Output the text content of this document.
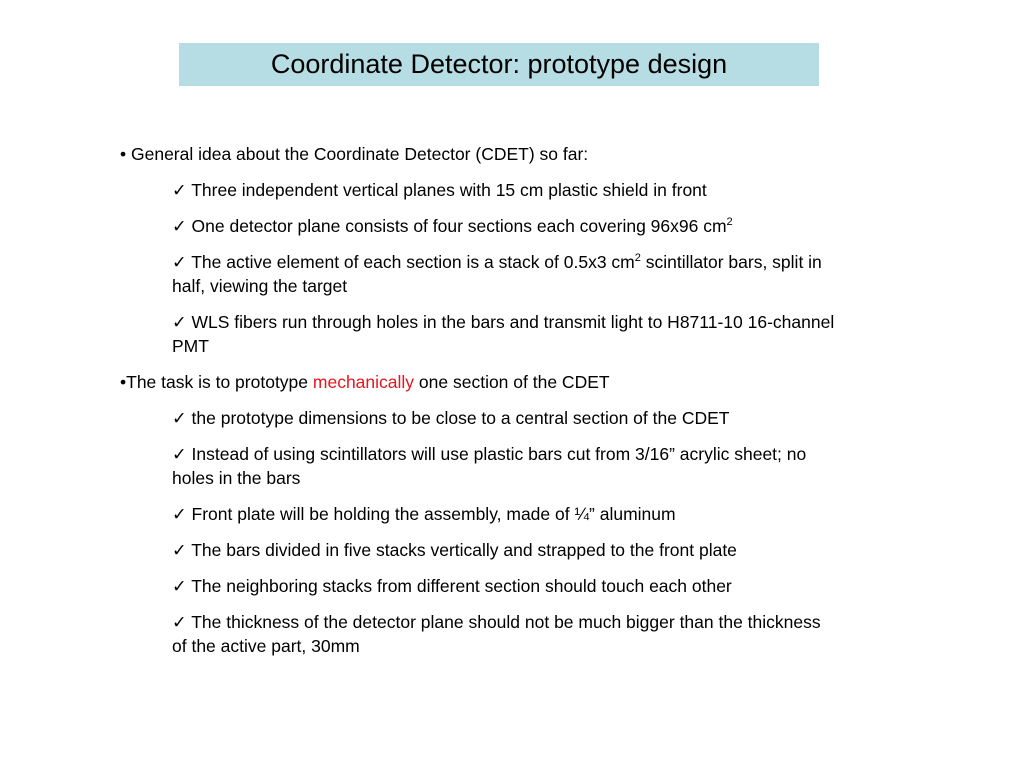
Coordinate Detector: prototype design

• General idea about the Coordinate Detector (CDET) so far:

✓ Three independent vertical planes with 15 cm plastic shield in front

✓ One detector plane consists of four sections each covering 96x96 $cm^2$

✓ The active element of each section is a stack of 0.5x3 $cm^2$ scintillator bars, split in half, viewing the target

✓ WLS fibers run through holes in the bars and transmit light to H8711-10 16-channel PMT

•The task is to prototype mechanically one section of the CDET

✓ the prototype dimensions to be close to a central section of the CDET

✓ Instead of using scintillators will use plastic bars cut from 3/16” acrylic sheet; no holes in the bars

✓ Front plate will be holding the assembly, made of ¼” aluminum

✓ The bars divided in five stacks vertically and strapped to the front plate

✓ The neighboring stacks from different section should touch each other

✓ The thickness of the detector plane should not be much bigger than the thickness of the active part, 30mm
